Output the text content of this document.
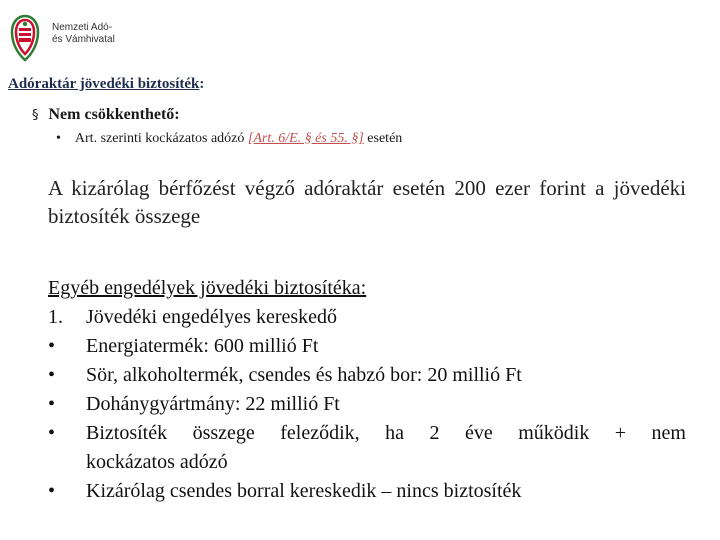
Nemzeti Adó-
és Vámhivatal
Adóraktár jövedéki biztosíték:
§ Nem csökkenthető:
• Art. szerinti kockázatos adózó [Art. 6/E. § és 55. §] esetén
A kizárólag bérfőzést végző adóraktár esetén 200 ezer forint a jövedéki biztosíték összege
Egyéb engedélyek jövedéki biztosítéka:
1.	Jövedéki engedélyes kereskedő
•	Energiatermék: 600 millió Ft
•	Sör, alkoholtermék, csendes és habzó bor: 20 millió Ft
•	Dohánygyártmány: 22 millió Ft
•	Biztosíték összege feleződik, ha 2 éve működik + nem
kockázatos adózó
•	Kizárólag csendes borral kereskedik – nincs biztosíték
